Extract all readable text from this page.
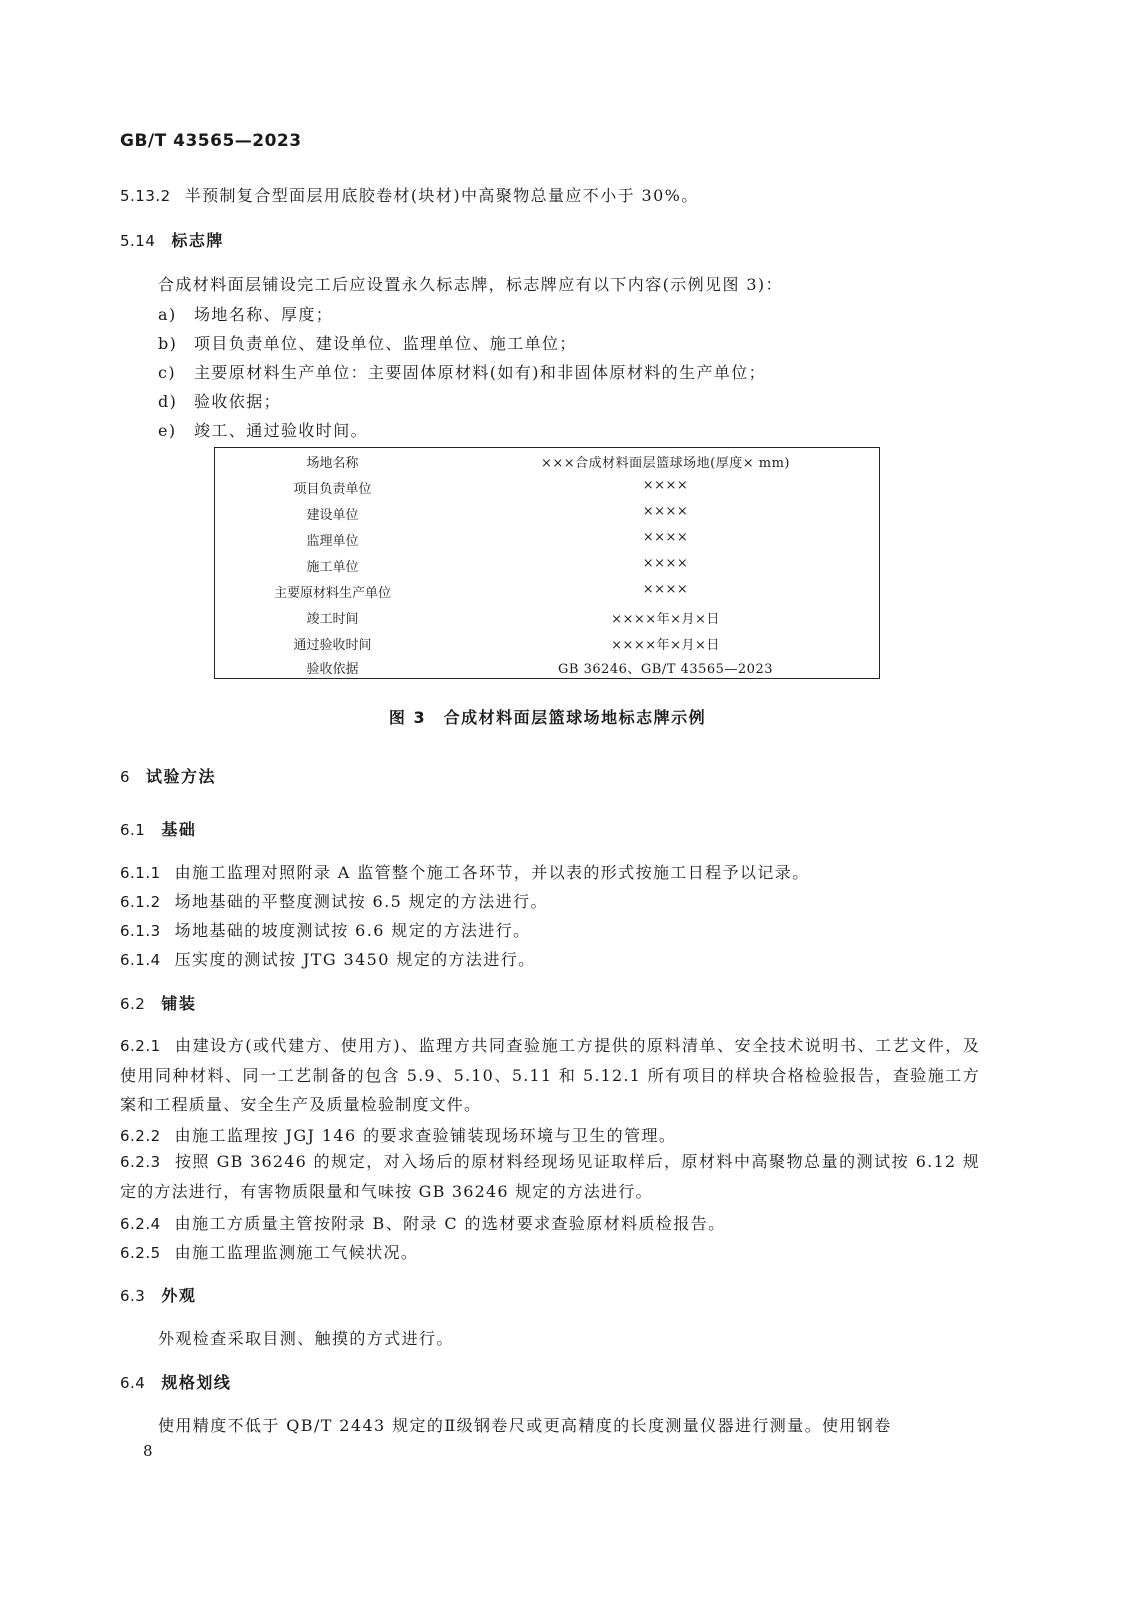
GB/T 43565—2023
5.13.2 半预制复合型面层用底胶卷材(块材)中高聚物总量应不小于 30%。
5.14 标志牌
合成材料面层铺设完工后应设置永久标志牌，标志牌应有以下内容(示例见图 3)：
a) 场地名称、厚度；
b) 项目负责单位、建设单位、监理单位、施工单位；
c) 主要原材料生产单位：主要固体原材料(如有)和非固体原材料的生产单位；
d) 验收依据；
e) 竣工、通过验收时间。
场地名称	×××合成材料面层篮球场地(厚度× mm)
项目负责单位	××××
建设单位	××××
监理单位	××××
施工单位	××××
主要原材料生产单位	××××
竣工时间	××××年×月×日
通过验收时间	××××年×月×日
验收依据	GB 36246、GB/T 43565—2023
图 3　合成材料面层篮球场地标志牌示例
6 试验方法
6.1 基础
6.1.1 由施工监理对照附录 A 监管整个施工各环节，并以表的形式按施工日程予以记录。
6.1.2 场地基础的平整度测试按 6.5 规定的方法进行。
6.1.3 场地基础的坡度测试按 6.6 规定的方法进行。
6.1.4 压实度的测试按 JTG 3450 规定的方法进行。
6.2 铺装
6.2.1 由建设方(或代建方、使用方)、监理方共同查验施工方提供的原料清单、安全技术说明书、工艺文件，及使用同种材料、同一工艺制备的包含 5.9、5.10、5.11 和 5.12.1 所有项目的样块合格检验报告，查验施工方案和工程质量、安全生产及质量检验制度文件。
6.2.2 由施工监理按 JGJ 146 的要求查验铺装现场环境与卫生的管理。
6.2.3 按照 GB 36246 的规定，对入场后的原材料经现场见证取样后，原材料中高聚物总量的测试按 6.12 规定的方法进行，有害物质限量和气味按 GB 36246 规定的方法进行。
6.2.4 由施工方质量主管按附录 B、附录 C 的选材要求查验原材料质检报告。
6.2.5 由施工监理监测施工气候状况。
6.3 外观
外观检查采取目测、触摸的方式进行。
6.4 规格划线
使用精度不低于 QB/T 2443 规定的Ⅱ级钢卷尺或更高精度的长度测量仪器进行测量。使用钢卷
8
